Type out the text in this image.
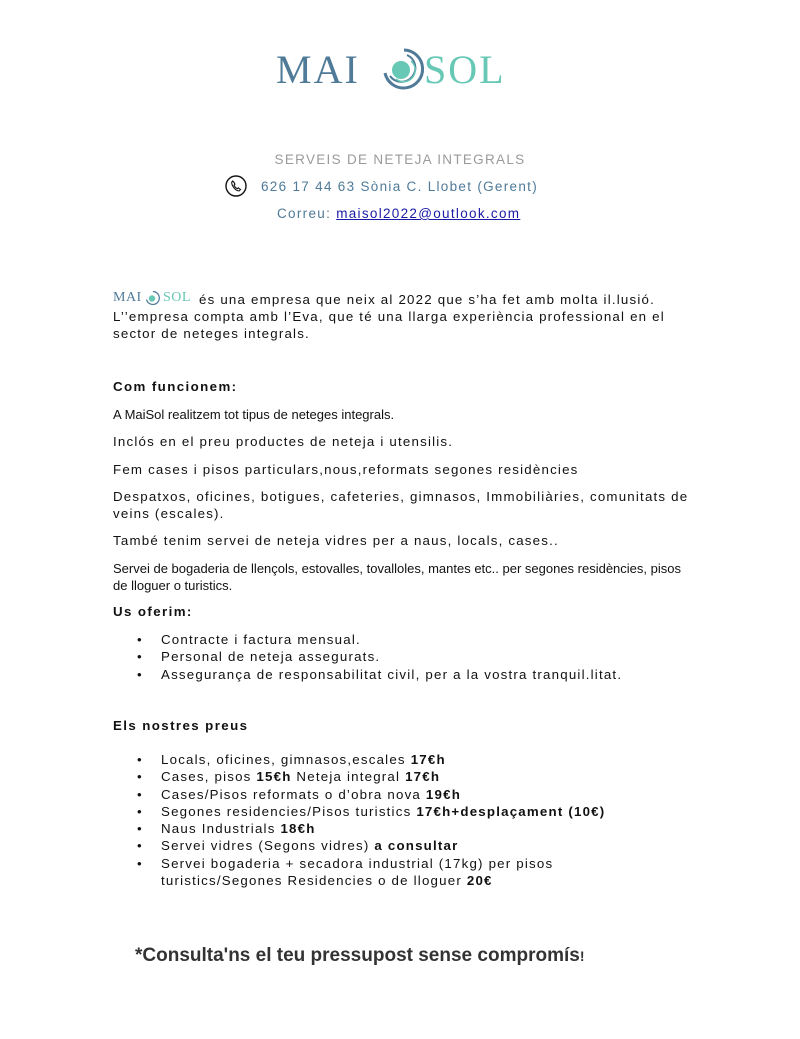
MAI SOL
SERVEIS DE NETEJA INTEGRALS
626 17 44 63 Sònia C. Llobet (Gerent)
Correu: maisol2022@outlook.com
MAI SOL és una empresa que neix al 2022 que s’ha fet amb molta il.lusió.
L’’empresa compta amb l’Eva, que té una llarga experiència professional en el sector de neteges integrals.
Com funcionem:
A MaiSol realitzem tot tipus de neteges integrals.
Inclós en el preu productes de neteja i utensilis.
Fem cases i pisos particulars,nous,reformats segones residències
Despatxos, oficines, botigues, cafeteries, gimnasos, Immobiliàries, comunitats de veins (escales).
També tenim servei de neteja vidres per a naus, locals, cases..
Servei de bogaderia de llençols, estovalles, tovalloles, mantes etc.. per segones residències, pisos de lloguer o turistics.
Us oferim:
• Contracte i factura mensual.
• Personal de neteja assegurats.
• Assegurança de responsabilitat civil, per a la vostra tranquil.litat.
Els nostres preus
• Locals, oficines, gimnasos,escales 17€h
• Cases, pisos 15€h Neteja integral 17€h
• Cases/Pisos reformats o d’obra nova 19€h
• Segones residencies/Pisos turistics 17€h+desplaçament (10€)
• Naus Industrials 18€h
• Servei vidres (Segons vidres) a consultar
• Servei bogaderia + secadora industrial (17kg) per pisos turistics/Segones Residencies o de lloguer 20€
*Consulta'ns el teu pressupost sense compromís!
